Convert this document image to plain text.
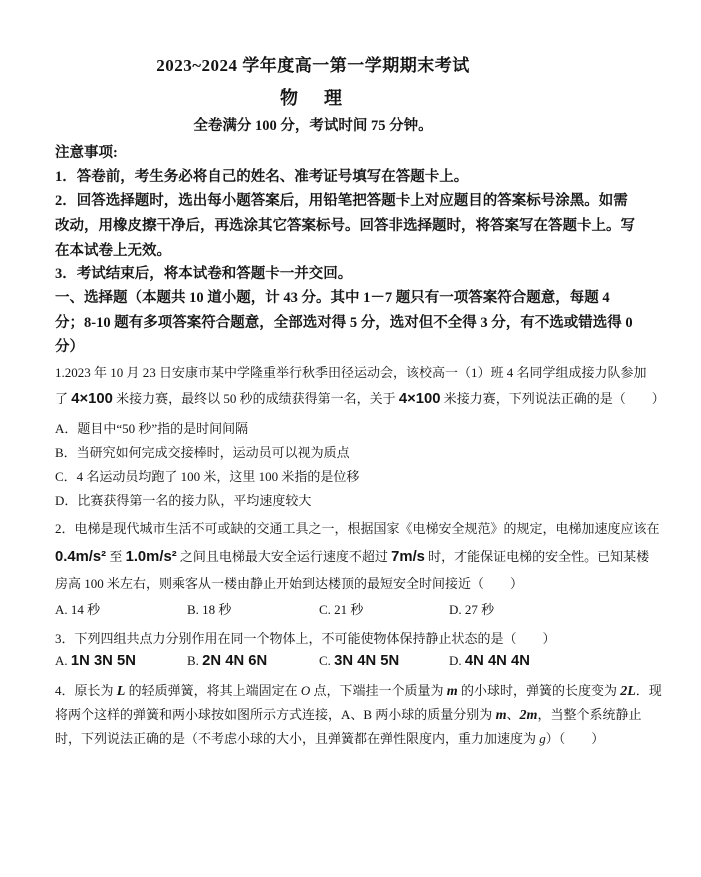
2023~2024 学年度高一第一学期期末考试
物　理
全卷满分 100 分，考试时间 75 分钟。
注意事项:
1．答卷前，考生务必将自己的姓名、准考证号填写在答题卡上。
2．回答选择题时，选出每小题答案后，用铅笔把答题卡上对应题目的答案标号涂黑。如需
改动，用橡皮擦干净后，再选涂其它答案标号。回答非选择题时，将答案写在答题卡上。写
在本试卷上无效。
3．考试结束后，将本试卷和答题卡一并交回。
一、选择题（本题共 10 道小题，计 43 分。其中 1－7 题只有一项答案符合题意，每题 4
分；8-10 题有多项答案符合题意，全部选对得 5 分，选对但不全得 3 分，有不选或错选得 0
分）
1.2023 年 10 月 23 日安康市某中学隆重举行秋季田径运动会，该校高一（1）班 4 名同学组成接力队参加
了 4×100 米接力赛，最终以 50 秒的成绩获得第一名，关于 4×100 米接力赛，下列说法正确的是（　　）
A．题目中“50 秒”指的是时间间隔
B．当研究如何完成交接棒时，运动员可以视为质点
C．4 名运动员均跑了 100 米，这里 100 米指的是位移
D．比赛获得第一名的接力队，平均速度较大
2．电梯是现代城市生活不可或缺的交通工具之一，根据国家《电梯安全规范》的规定，电梯加速度应该在
0.4m/s² 至 1.0m/s² 之间且电梯最大安全运行速度不超过 7m/s 时，才能保证电梯的安全性。已知某楼
房高 100 米左右，则乘客从一楼由静止开始到达楼顶的最短安全时间接近（　　）
A. 14 秒	B. 18 秒	C. 21 秒	D. 27 秒
3．下列四组共点力分别作用在同一个物体上，不可能使物体保持静止状态的是（　　）
A. 1N 3N 5N	B. 2N 4N 6N	C. 3N 4N 5N	D. 4N 4N 4N
4．原长为 L 的轻质弹簧，将其上端固定在 O 点，下端挂一个质量为 m 的小球时，弹簧的长度变为 2L．现
将两个这样的弹簧和两小球按如图所示方式连接，A、B 两小球的质量分别为 m、2m，当整个系统静止
时，下列说法正确的是（不考虑小球的大小，且弹簧都在弹性限度内，重力加速度为 g）（　　）
